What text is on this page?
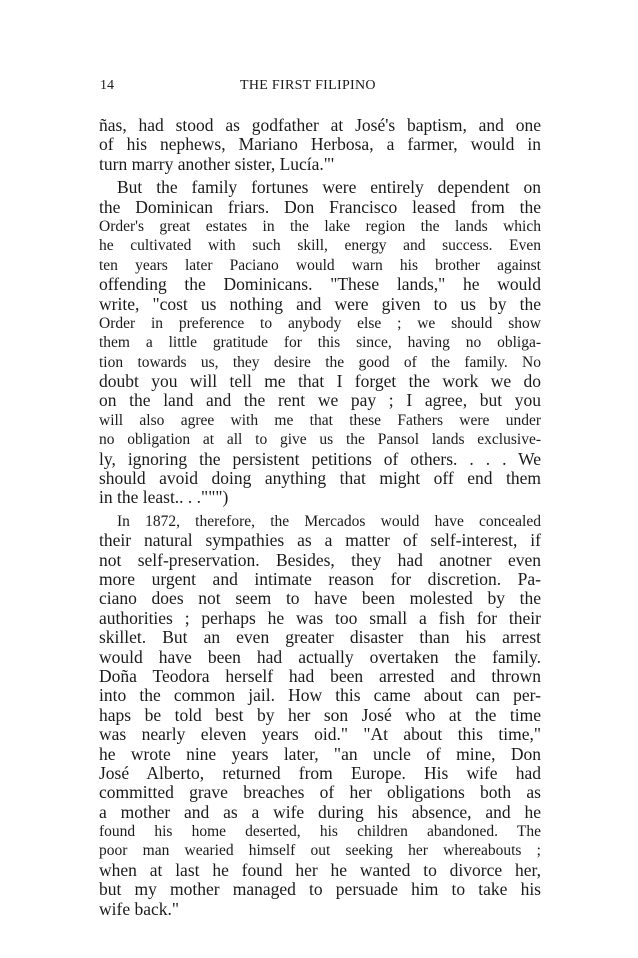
14	THE FIRST FILIPINO
ñas, had stood as godfather at José's baptism, and one
of his nephews, Mariano Herbosa, a farmer, would in
turn marry another sister, Lucía."'
But the family fortunes were entirely dependent on
the Dominican friars. Don Francisco leased from the
Order's great estates in the lake region the lands which
he cultivated with such skill, energy and success. Even
ten years later Paciano would warn his brother against
offending the Dominicans. "These lands," he would
write, "cost us nothing and were given to us by the
Order in preference to anybody else ; we should show
them a little gratitude for this since, having no obliga-
tion towards us, they desire the good of the family. No
doubt you will tell me that I forget the work we do
on the land and the rent we pay ; I agree, but you
will also agree with me that these Fathers were under
no obligation at all to give us the Pansol lands exclusive-
ly, ignoring the persistent petitions of others. . . . We
should avoid doing anything that might off end them
in the least.. . .""")
In 1872, therefore, the Mercados would have concealed
their natural sympathies as a matter of self-interest, if
not self-preservation. Besides, they had anotner even
more urgent and intimate reason for discretion. Pa-
ciano does not seem to have been molested by the
authorities ; perhaps he was too small a fish for their
skillet. But an even greater disaster than his arrest
would have been had actually overtaken the family.
Doña Teodora herself had been arrested and thrown
into the common jail. How this came about can per-
haps be told best by her son José who at the time
was nearly eleven years oid." "At about this time,"
he wrote nine years later, "an uncle of mine, Don
José Alberto, returned from Europe. His wife had
committed grave breaches of her obligations both as
a mother and as a wife during his absence, and he
found his home deserted, his children abandoned. The
poor man wearied himself out seeking her whereabouts ;
when at last he found her he wanted to divorce her,
but my mother managed to persuade him to take his
wife back."
